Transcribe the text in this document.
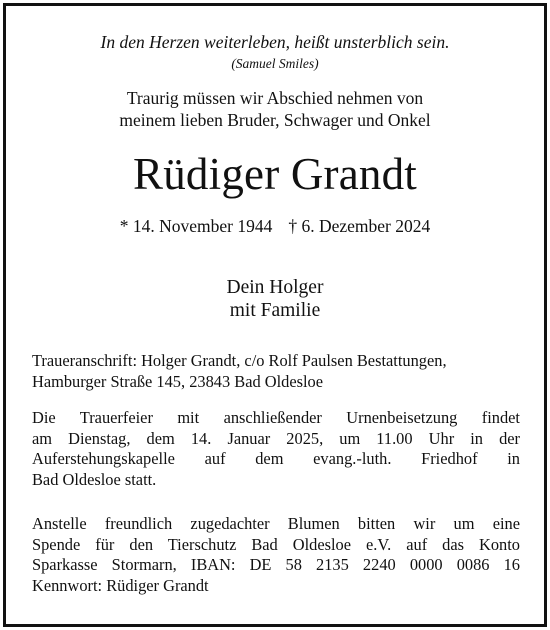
In den Herzen weiterleben, heißt unsterblich sein.
(Samuel Smiles)
Traurig müssen wir Abschied nehmen von
meinem lieben Bruder, Schwager und Onkel
Rüdiger Grandt
* 14. November 1944 † 6. Dezember 2024
Dein Holger
mit Familie
Traueranschrift: Holger Grandt, c/o Rolf Paulsen Bestattungen,
Hamburger Straße 145, 23843 Bad Oldesloe
Die Trauerfeier mit anschließender Urnenbeisetzung findet
am Dienstag, dem 14. Januar 2025, um 11.00 Uhr in der
Auferstehungskapelle auf dem evang.-luth. Friedhof in
Bad Oldesloe statt.
Anstelle freundlich zugedachter Blumen bitten wir um eine
Spende für den Tierschutz Bad Oldesloe e.V. auf das Konto
Sparkasse Stormarn, IBAN: DE 58 2135 2240 0000 0086 16
Kennwort: Rüdiger Grandt
